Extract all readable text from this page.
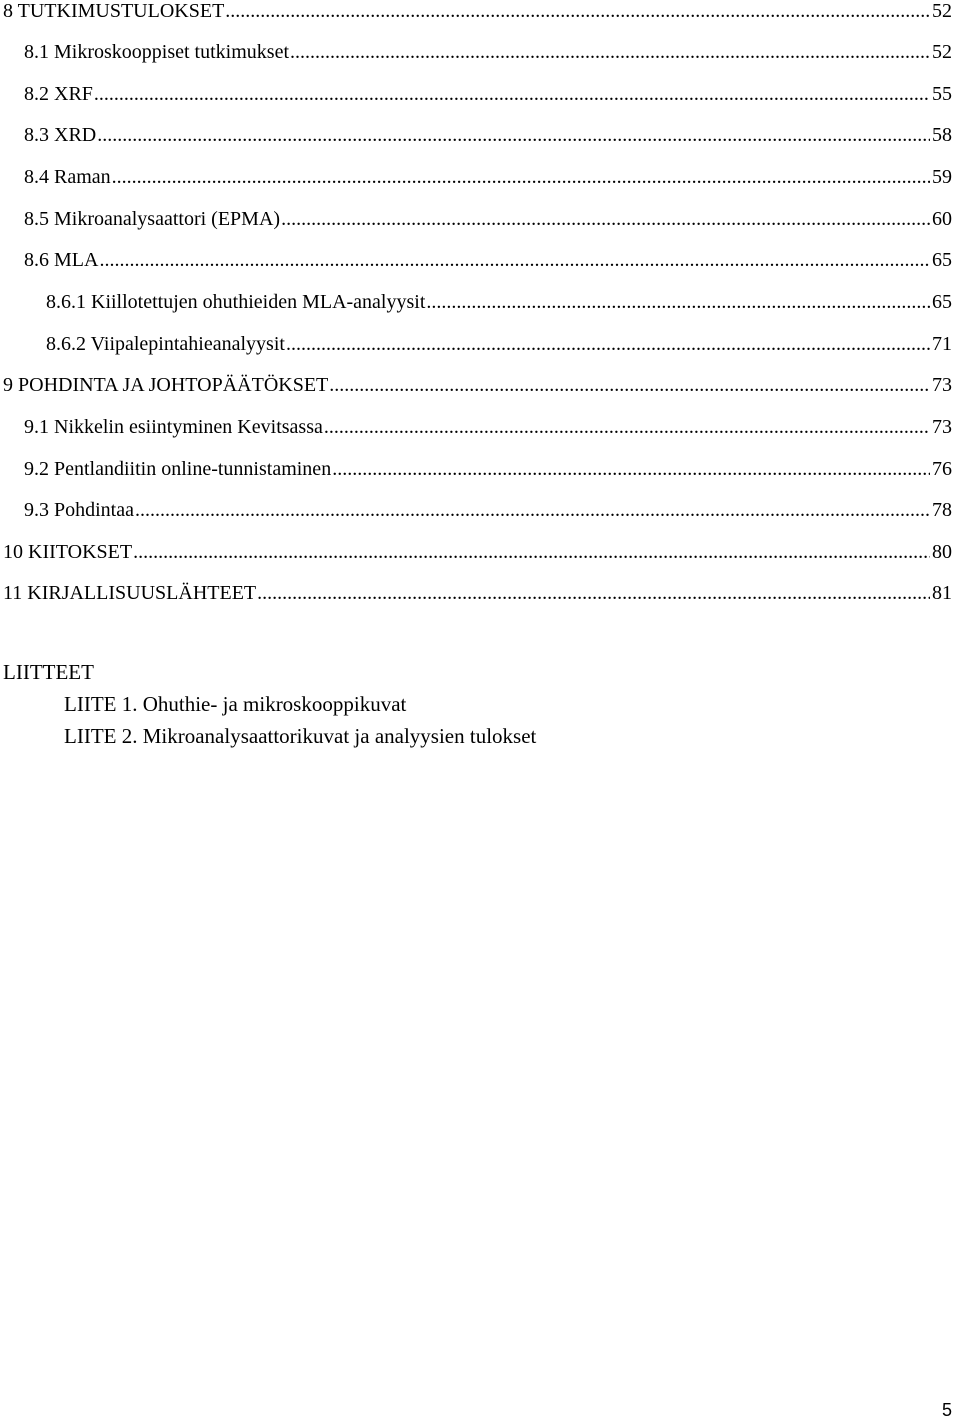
8 TUTKIMUSTULOKSET .....	52
8.1 Mikroskooppiset tutkimukset .....	52
8.2 XRF .....	55
8.3 XRD .....	58
8.4 Raman .....	59
8.5 Mikroanalysaattori (EPMA) .....	60
8.6 MLA .....	65
8.6.1 Kiillotettujen ohuthieiden MLA-analyysit .....	65
8.6.2 Viipalepintahieanalyysit .....	71
9 POHDINTA JA JOHTOPÄÄTÖKSET .....	73
9.1 Nikkelin esiintyminen Kevitsassa .....	73
9.2 Pentlandiitin online-tunnistaminen .....	76
9.3 Pohdintaa .....	78
10 KIITOKSET .....	80
11 KIRJALLISUUSLÄHTEET .....	81
LIITTEET
LIITE 1. Ohuthie- ja mikroskooppikuvat
LIITE 2. Mikroanalysaattorikuvat ja analyysien tulokset
5
